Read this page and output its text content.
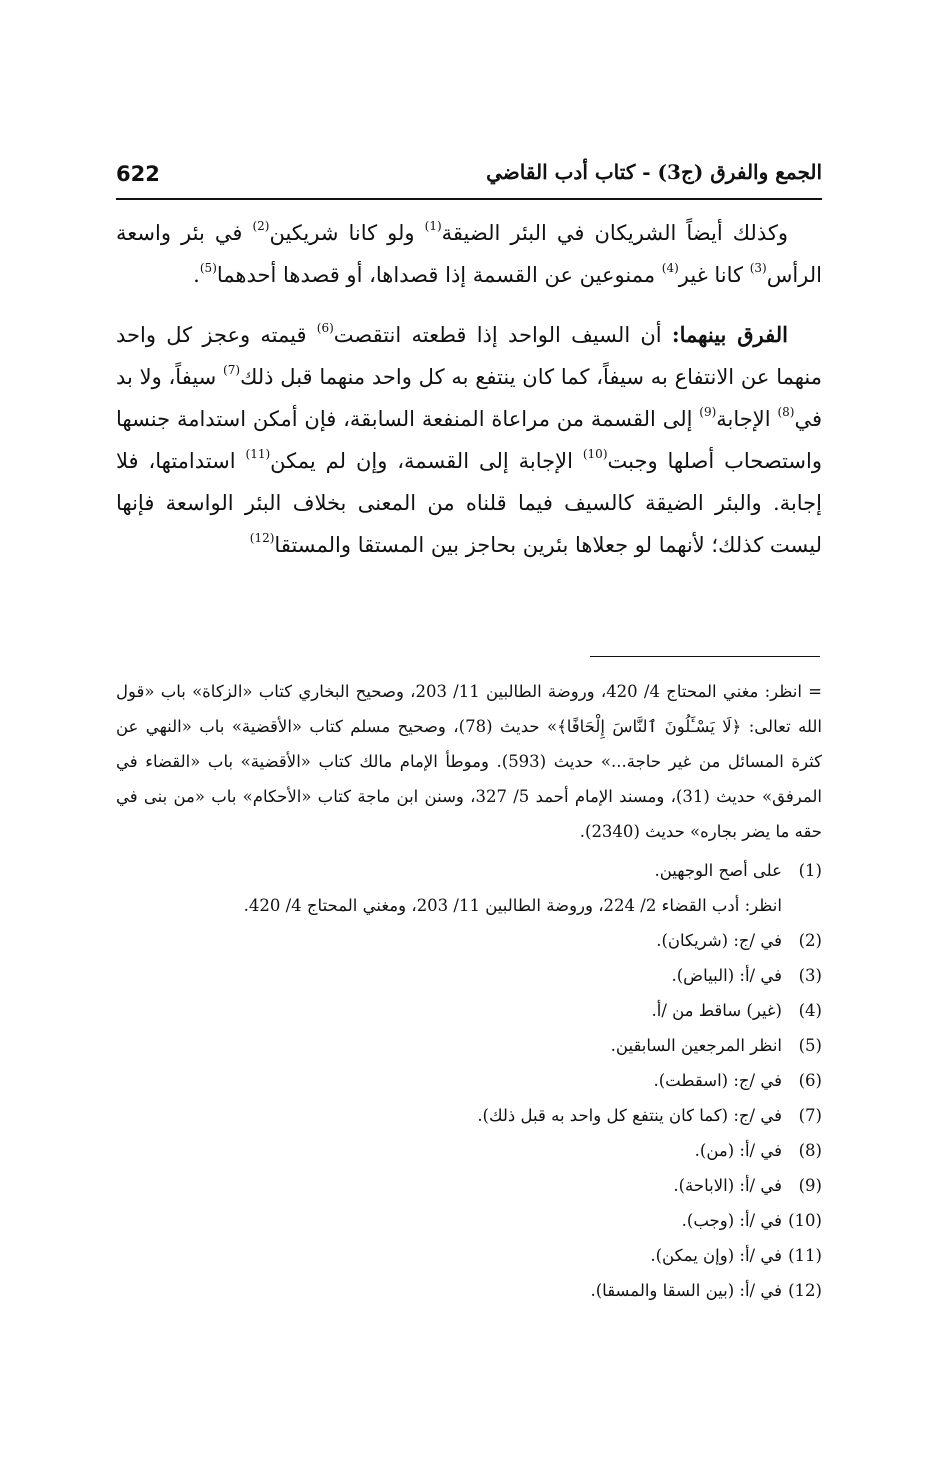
622	الجمع والفرق (ج3) - كتاب أدب القاضي

وكذلك أيضاً الشريكان في البئر الضيقة$^{(1)}$ ولو كانا شريكين$^{(2)}$ في بئر واسعة الرأس$^{(3)}$ كانا غير$^{(4)}$ ممنوعين عن القسمة إذا قصداها، أو قصدها أحدهما$^{(5)}$.

الفرق بينهما: أن السيف الواحد إذا قطعته انتقصت$^{(6)}$ قيمته وعجز كل واحد منهما عن الانتفاع به سيفاً، كما كان ينتفع به كل واحد منهما قبل ذلك$^{(7)}$ سيفاً، ولا بد في$^{(8)}$ الإجابة$^{(9)}$ إلى القسمة من مراعاة المنفعة السابقة، فإن أمكن استدامة جنسها واستصحاب أصلها وجبت$^{(10)}$ الإجابة إلى القسمة، وإن لم يمكن$^{(11)}$ استدامتها، فلا إجابة. والبئر الضيقة كالسيف فيما قلناه من المعنى بخلاف البئر الواسعة فإنها ليست كذلك؛ لأنهما لو جعلاها بئرين بحاجز بين المستقا والمستقا$^{(12)}$

= انظر: مغني المحتاج 4/ 420، وروضة الطالبين 11/ 203، وصحيح البخاري كتاب «الزكاة» باب «قول الله تعالى: ﴿لَا يَسْـَٔلُونَ ٱلنَّاسَ إِلْحَافًا﴾» حديث (78)، وصحيح مسلم كتاب «الأقضية» باب «النهي عن كثرة المسائل من غير حاجة...» حديث (593). وموطأ الإمام مالك كتاب «الأقضية» باب «القضاء في المرفق» حديث (31)، ومسند الإمام أحمد 5/ 327، وسنن ابن ماجة كتاب «الأحكام» باب «من بنى في حقه ما يضر بجاره» حديث (2340).

(1)
على أصح الوجهين.

انظر: أدب القضاء 2/ 224، وروضة الطالبين 11/ 203، ومغني المحتاج 4/ 420.

(2)
في /ج: (شريكان).
(3)
في /أ: (البياض).
(4)
(غير) ساقط من /أ.
(5)
انظر المرجعين السابقين.
(6)
في /ج: (اسقطت).
(7)
في /ج: (كما كان ينتفع كل واحد به قبل ذلك).
(8)
في /أ: (من).
(9)
في /أ: (الاباحة).
(10)
في /أ: (وجب).
(11)
في /أ: (وإن يمكن).
(12)
في /أ: (بين السقا والمسقا).
